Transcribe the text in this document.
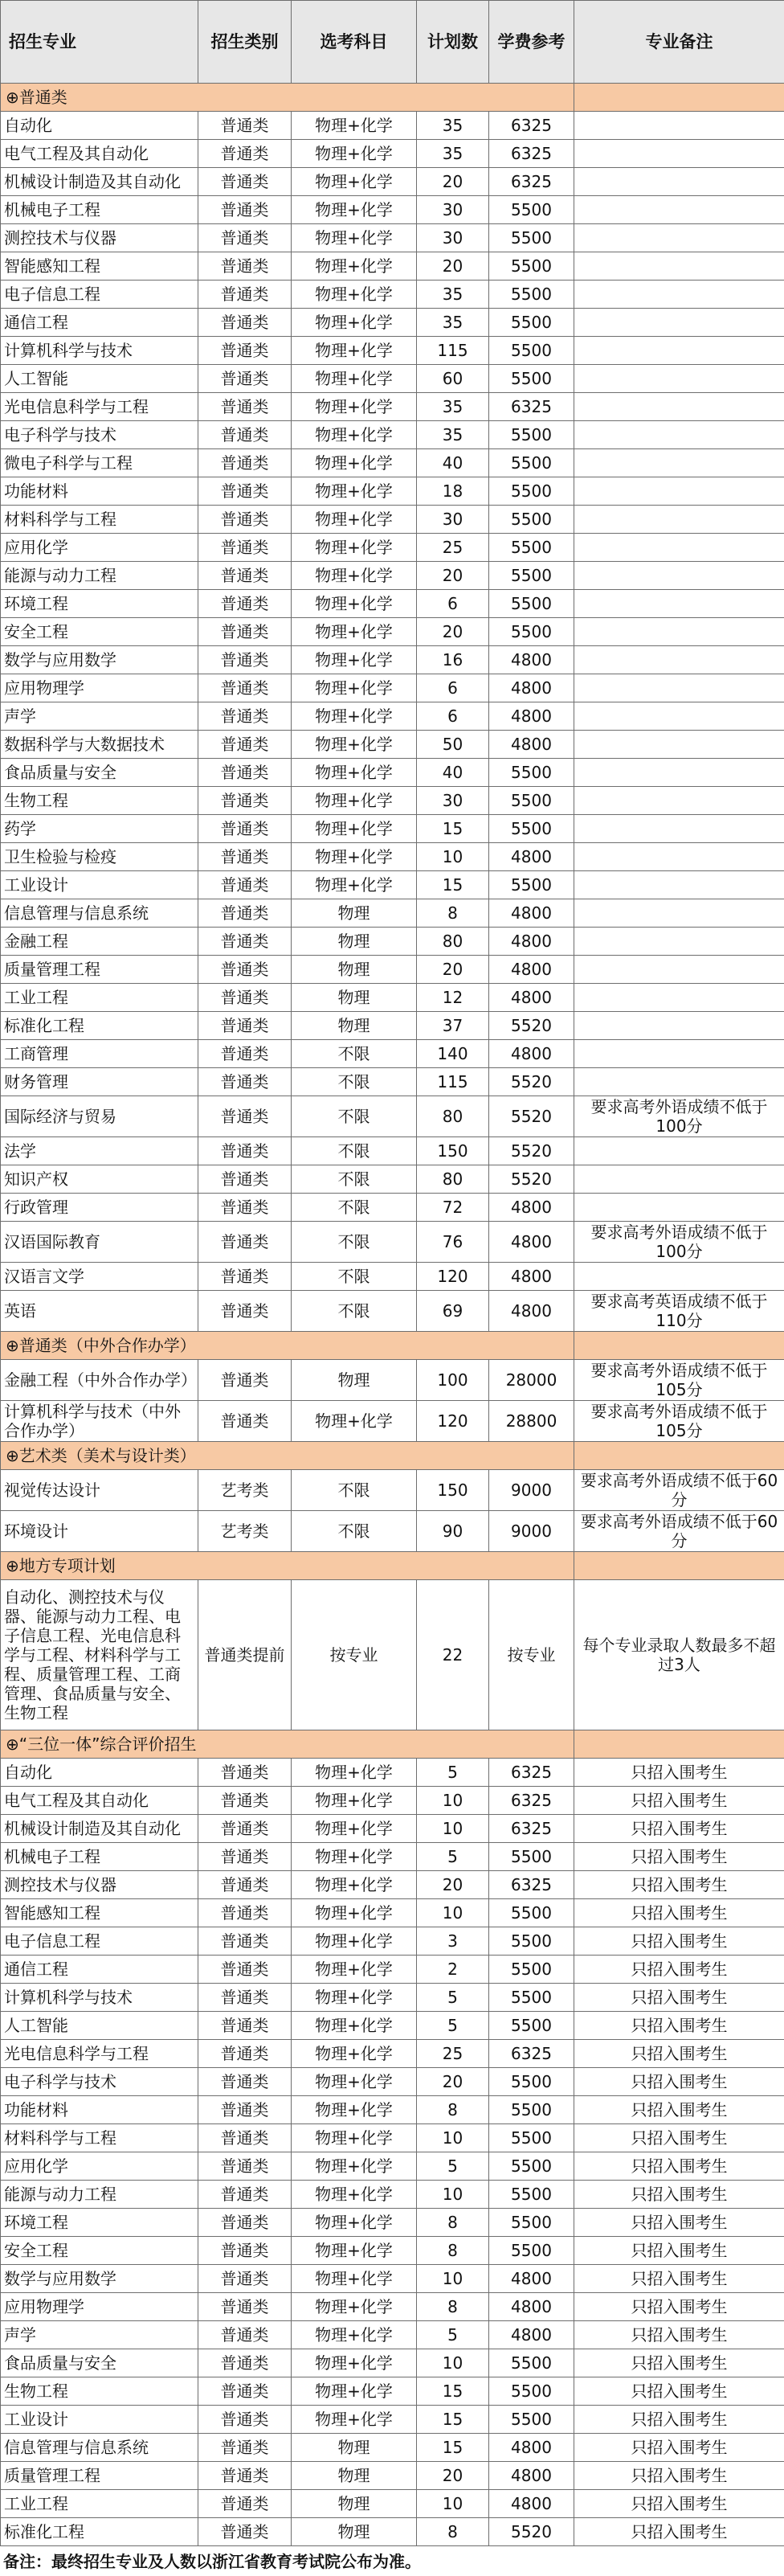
招生专业	招生类别	选考科目	计划数	学费参考	专业备注
⊕普通类					
自动化	普通类	物理+化学	35	6325	
电气工程及其自动化	普通类	物理+化学	35	6325	
机械设计制造及其自动化	普通类	物理+化学	20	6325	
机械电子工程	普通类	物理+化学	30	5500	
测控技术与仪器	普通类	物理+化学	30	5500	
智能感知工程	普通类	物理+化学	20	5500	
电子信息工程	普通类	物理+化学	35	5500	
通信工程	普通类	物理+化学	35	5500	
计算机科学与技术	普通类	物理+化学	115	5500	
人工智能	普通类	物理+化学	60	5500	
光电信息科学与工程	普通类	物理+化学	35	6325	
电子科学与技术	普通类	物理+化学	35	5500	
微电子科学与工程	普通类	物理+化学	40	5500	
功能材料	普通类	物理+化学	18	5500	
材料科学与工程	普通类	物理+化学	30	5500	
应用化学	普通类	物理+化学	25	5500	
能源与动力工程	普通类	物理+化学	20	5500	
环境工程	普通类	物理+化学	6	5500	
安全工程	普通类	物理+化学	20	5500	
数学与应用数学	普通类	物理+化学	16	4800	
应用物理学	普通类	物理+化学	6	4800	
声学	普通类	物理+化学	6	4800	
数据科学与大数据技术	普通类	物理+化学	50	4800	
食品质量与安全	普通类	物理+化学	40	5500	
生物工程	普通类	物理+化学	30	5500	
药学	普通类	物理+化学	15	5500	
卫生检验与检疫	普通类	物理+化学	10	4800	
工业设计	普通类	物理+化学	15	5500	
信息管理与信息系统	普通类	物理	8	4800	
金融工程	普通类	物理	80	4800	
质量管理工程	普通类	物理	20	4800	
工业工程	普通类	物理	12	4800	
标准化工程	普通类	物理	37	5520	
工商管理	普通类	不限	140	4800	
财务管理	普通类	不限	115	5520	
国际经济与贸易	普通类	不限	80	5520	要求高考外语成绩不低于100分
法学	普通类	不限	150	5520	
知识产权	普通类	不限	80	5520	
行政管理	普通类	不限	72	4800	
汉语国际教育	普通类	不限	76	4800	要求高考外语成绩不低于100分
汉语言文学	普通类	不限	120	4800	
英语	普通类	不限	69	4800	要求高考英语成绩不低于110分
⊕普通类（中外合作办学）					
金融工程（中外合作办学）	普通类	物理	100	28000	要求高考外语成绩不低于105分
计算机科学与技术（中外合作办学）	普通类	物理+化学	120	28800	要求高考外语成绩不低于105分
⊕艺术类（美术与设计类）					
视觉传达设计	艺考类	不限	150	9000	要求高考外语成绩不低于60分
环境设计	艺考类	不限	90	9000	要求高考外语成绩不低于60分
⊕地方专项计划					
自动化、测控技术与仪器、能源与动力工程、电子信息工程、光电信息科学与工程、材料科学与工程、质量管理工程、工商管理、食品质量与安全、生物工程	普通类提前	按专业	22	按专业	每个专业录取人数最多不超过3人
⊕“三位一体”综合评价招生					
自动化	普通类	物理+化学	5	6325	只招入围考生
电气工程及其自动化	普通类	物理+化学	10	6325	只招入围考生
机械设计制造及其自动化	普通类	物理+化学	10	6325	只招入围考生
机械电子工程	普通类	物理+化学	5	5500	只招入围考生
测控技术与仪器	普通类	物理+化学	20	6325	只招入围考生
智能感知工程	普通类	物理+化学	10	5500	只招入围考生
电子信息工程	普通类	物理+化学	3	5500	只招入围考生
通信工程	普通类	物理+化学	2	5500	只招入围考生
计算机科学与技术	普通类	物理+化学	5	5500	只招入围考生
人工智能	普通类	物理+化学	5	5500	只招入围考生
光电信息科学与工程	普通类	物理+化学	25	6325	只招入围考生
电子科学与技术	普通类	物理+化学	20	5500	只招入围考生
功能材料	普通类	物理+化学	8	5500	只招入围考生
材料科学与工程	普通类	物理+化学	10	5500	只招入围考生
应用化学	普通类	物理+化学	5	5500	只招入围考生
能源与动力工程	普通类	物理+化学	10	5500	只招入围考生
环境工程	普通类	物理+化学	8	5500	只招入围考生
安全工程	普通类	物理+化学	8	5500	只招入围考生
数学与应用数学	普通类	物理+化学	10	4800	只招入围考生
应用物理学	普通类	物理+化学	8	4800	只招入围考生
声学	普通类	物理+化学	5	4800	只招入围考生
食品质量与安全	普通类	物理+化学	10	5500	只招入围考生
生物工程	普通类	物理+化学	15	5500	只招入围考生
工业设计	普通类	物理+化学	15	5500	只招入围考生
信息管理与信息系统	普通类	物理	15	4800	只招入围考生
质量管理工程	普通类	物理	20	4800	只招入围考生
工业工程	普通类	物理	10	4800	只招入围考生
标准化工程	普通类	物理	8	5520	只招入围考生
备注：最终招生专业及人数以浙江省教育考试院公布为准。
